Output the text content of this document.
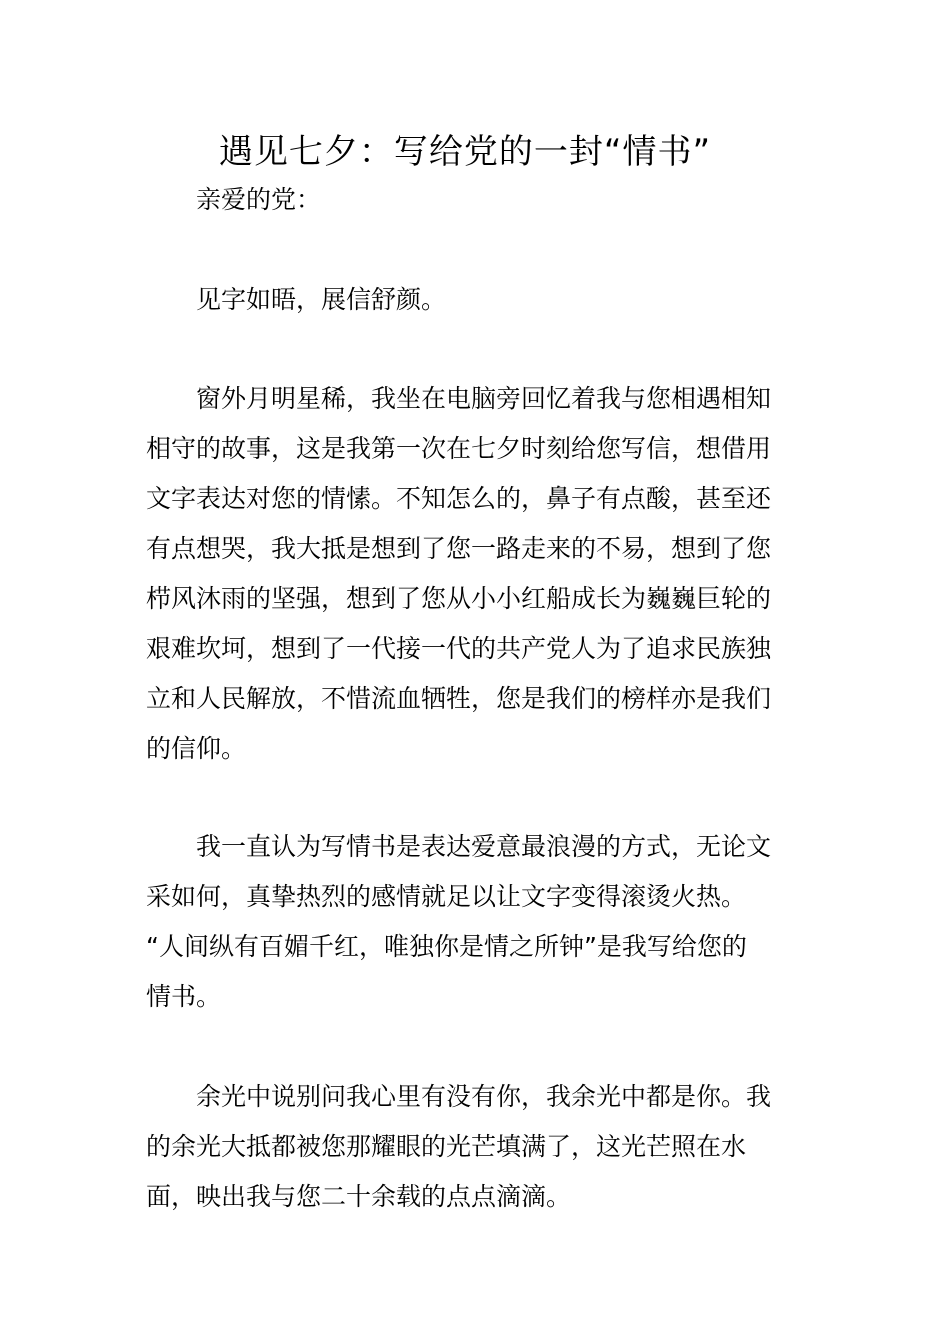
遇见七夕：写给党的一封“情书”

亲爱的党：

见字如晤，展信舒颜。

窗外月明星稀，我坐在电脑旁回忆着我与您相遇相知
相守的故事，这是我第一次在七夕时刻给您写信，想借用
文字表达对您的情愫。不知怎么的，鼻子有点酸，甚至还
有点想哭，我大抵是想到了您一路走来的不易，想到了您
栉风沐雨的坚强，想到了您从小小红船成长为巍巍巨轮的
艰难坎坷，想到了一代接一代的共产党人为了追求民族独
立和人民解放，不惜流血牺牲，您是我们的榜样亦是我们
的信仰。

我一直认为写情书是表达爱意最浪漫的方式，无论文
采如何，真挚热烈的感情就足以让文字变得滚烫火热。
“人间纵有百媚千红，唯独你是情之所钟”是我写给您的
情书。

余光中说别问我心里有没有你，我余光中都是你。我
的余光大抵都被您那耀眼的光芒填满了，这光芒照在水
面，映出我与您二十余载的点点滴滴。
